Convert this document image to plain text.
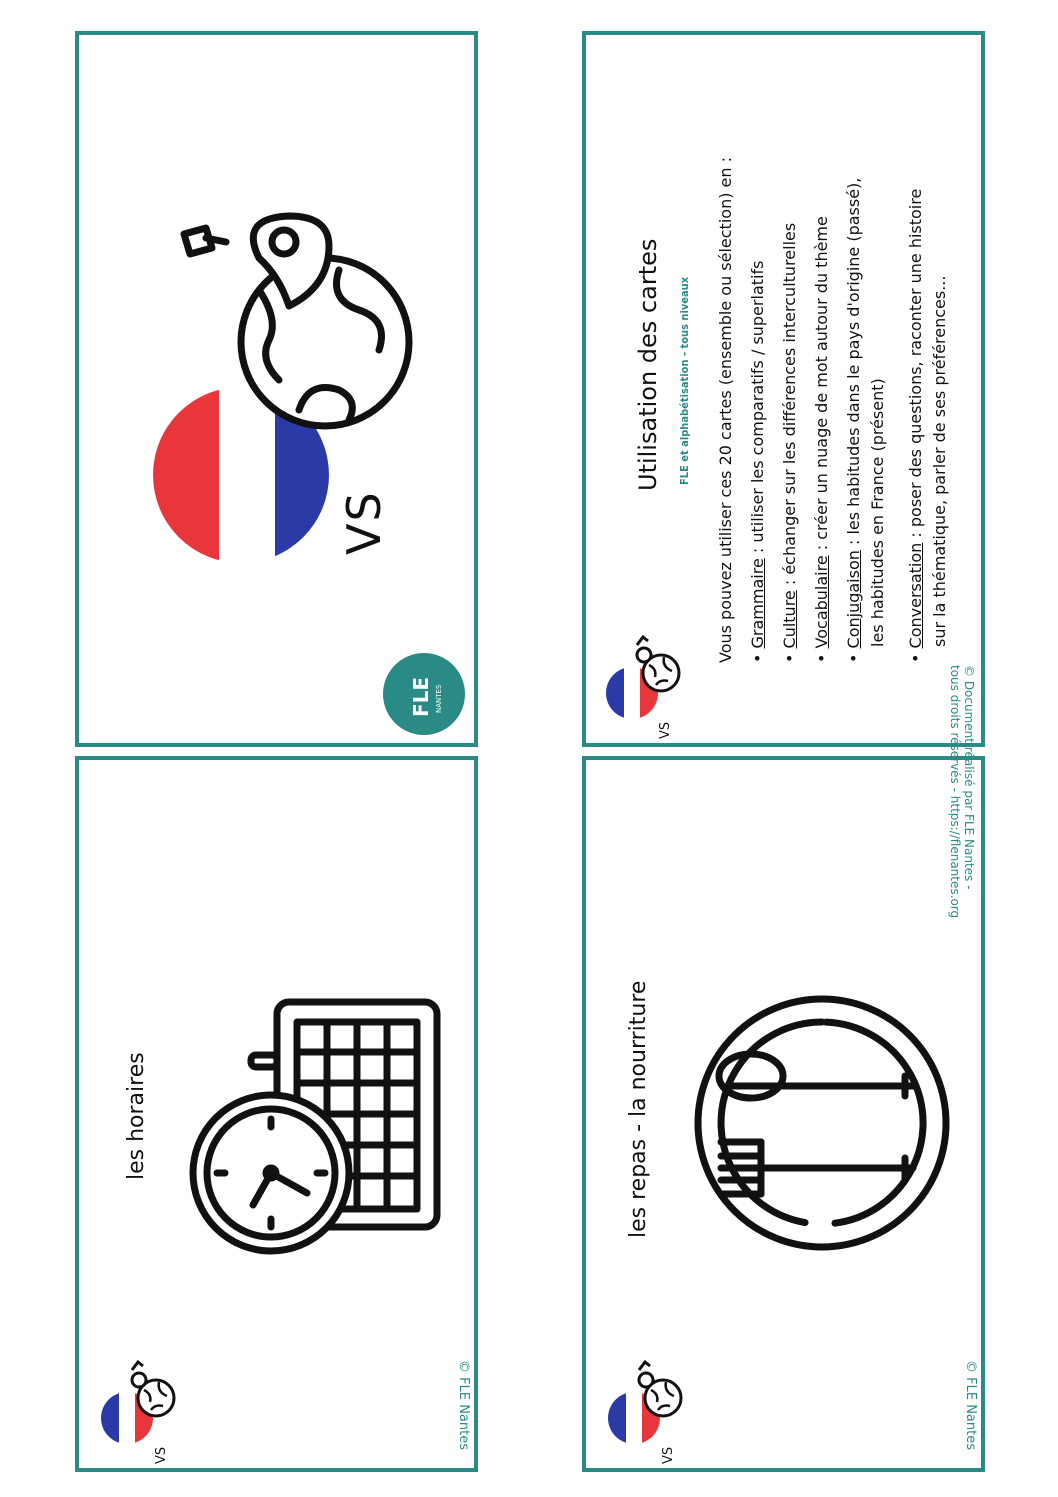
les horaires
VS
© FLE Nantes
les repas - la nourriture
VS
© FLE Nantes
VS
FLE NANTES
Utilisation des cartes FLE et alphabétisation - tous niveaux Vous pouvez utiliser ces 20 cartes (ensemble ou sélection) en : • Grammaire : utiliser les comparatifs / superlatifs
• Culture : échanger sur les différences interculturelles
• Vocabulaire : créer un nuage de mot autour du thème
• Conjugaison : les habitudes dans le pays d'origine (passé), les habitudes en France (présent)
• Conversation : poser des questions, raconter une histoire sur la thématique, parler de ses préférences...
VS	© Document réalisé par FLE Nantes -
tous droits réservés - https://flenantes.org
